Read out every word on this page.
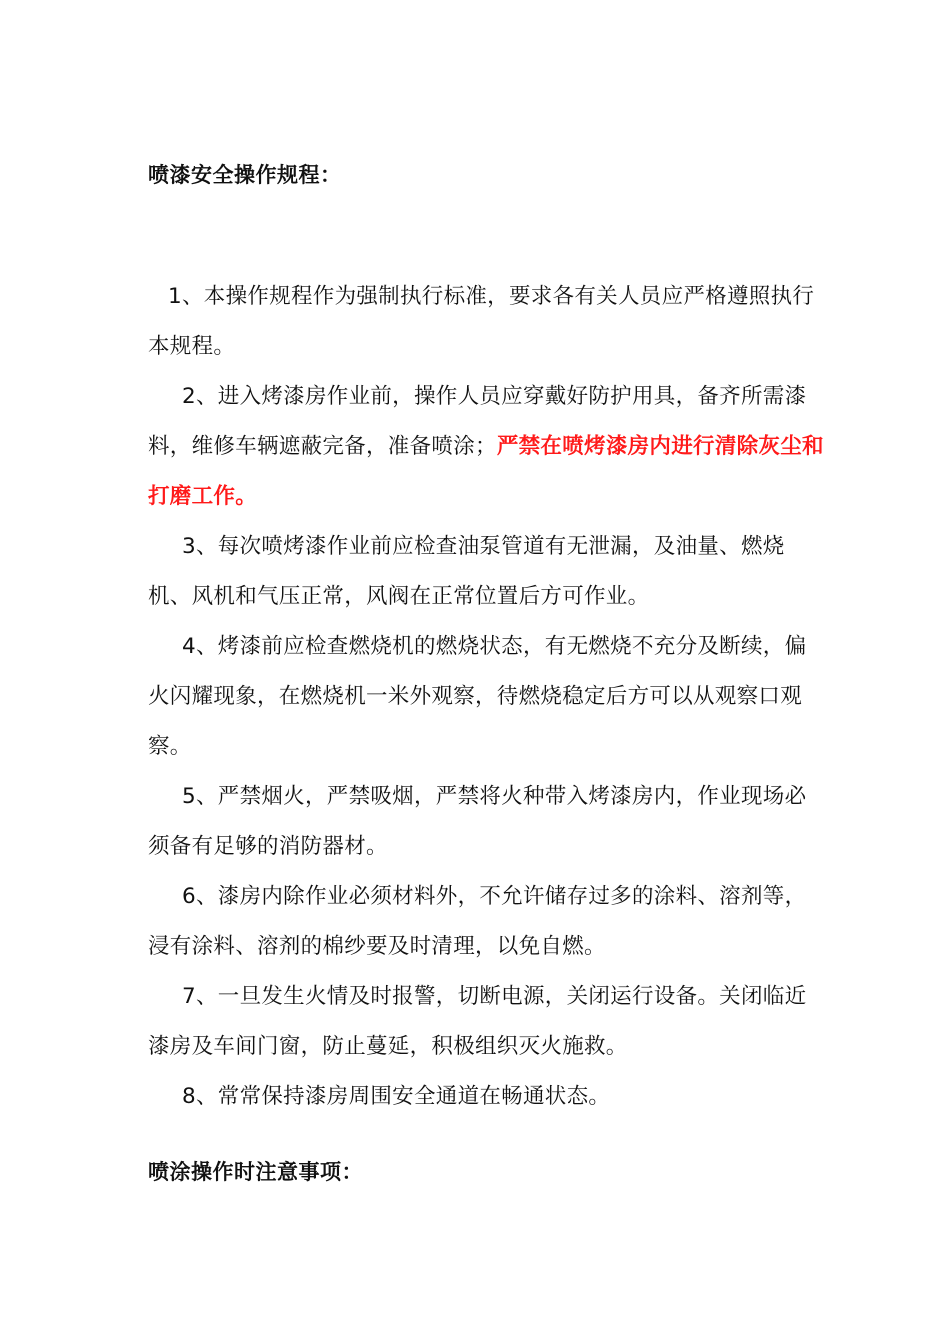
喷漆安全操作规程：

1、本操作规程作为强制执行标准，要求各有关人员应严格遵照执行本规程。

2、进入烤漆房作业前，操作人员应穿戴好防护用具，备齐所需漆料，维修车辆遮蔽完备，准备喷涂；严禁在喷烤漆房内进行清除灰尘和打磨工作。

3、每次喷烤漆作业前应检查油泵管道有无泄漏，及油量、燃烧机、风机和气压正常，风阀在正常位置后方可作业。

4、烤漆前应检查燃烧机的燃烧状态，有无燃烧不充分及断续，偏火闪耀现象，在燃烧机一米外观察，待燃烧稳定后方可以从观察口观察。

5、严禁烟火，严禁吸烟，严禁将火种带入烤漆房内，作业现场必须备有足够的消防器材。

6、漆房内除作业必须材料外，不允许储存过多的涂料、溶剂等，浸有涂料、溶剂的棉纱要及时清理，以免自燃。

7、一旦发生火情及时报警，切断电源，关闭运行设备。关闭临近漆房及车间门窗，防止蔓延，积极组织灭火施救。

8、常常保持漆房周围安全通道在畅通状态。

喷涂操作时注意事项：
